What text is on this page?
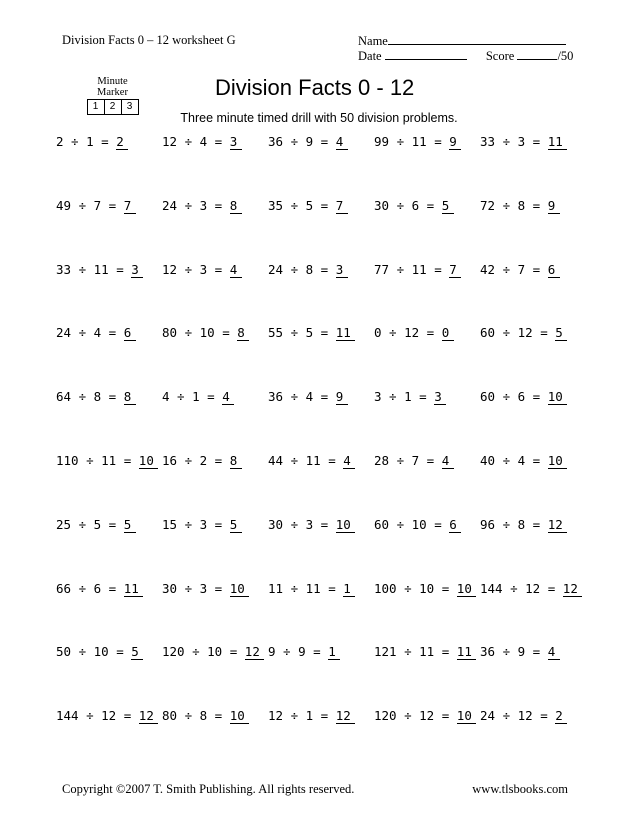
Division Facts 0 – 12 worksheet G	Name
Date	Score	/50
Minute Marker
1	2	3
Division Facts 0 - 12
Three minute timed drill with 50 division problems.
2 ÷ 1 = 2	12 ÷ 4 = 3	36 ÷ 9 = 4	99 ÷ 11 = 9	33 ÷ 3 = 11
49 ÷ 7 = 7	24 ÷ 3 = 8	35 ÷ 5 = 7	30 ÷ 6 = 5	72 ÷ 8 = 9
33 ÷ 11 = 3	12 ÷ 3 = 4	24 ÷ 8 = 3	77 ÷ 11 = 7	42 ÷ 7 = 6
24 ÷ 4 = 6	80 ÷ 10 = 8	55 ÷ 5 = 11	0 ÷ 12 = 0	60 ÷ 12 = 5
64 ÷ 8 = 8	4 ÷ 1 = 4	36 ÷ 4 = 9	3 ÷ 1 = 3	60 ÷ 6 = 10
110 ÷ 11 = 10 16 ÷ 2 = 8	44 ÷ 11 = 4	28 ÷ 7 = 4	40 ÷ 4 = 10
25 ÷ 5 = 5	15 ÷ 3 = 5	30 ÷ 3 = 10	60 ÷ 10 = 6	96 ÷ 8 = 12
66 ÷ 6 = 11	30 ÷ 3 = 10	11 ÷ 11 = 1	100 ÷ 10 = 10 144 ÷ 12 = 12
50 ÷ 10 = 5	120 ÷ 10 = 12 9 ÷ 9 = 1	121 ÷ 11 = 11 36 ÷ 9 = 4
144 ÷ 12 = 12 80 ÷ 8 = 10	12 ÷ 1 = 12	120 ÷ 12 = 10 24 ÷ 12 = 2
Copyright ©2007 T. Smith Publishing. All rights reserved.	www.tlsbooks.com
